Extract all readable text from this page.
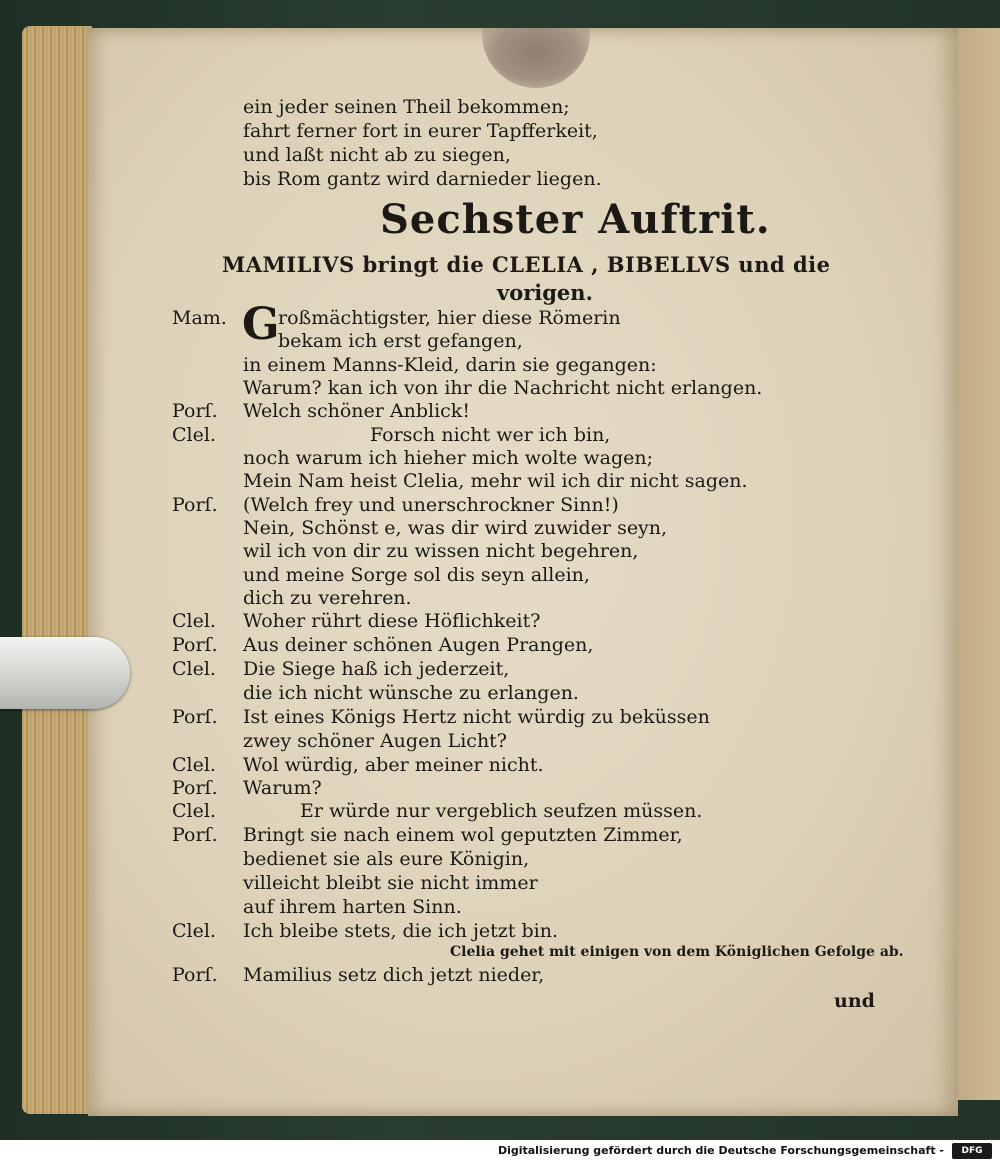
ein jeder seinen Theil bekommen;
fahrt ferner fort in eurer Tapfferkeit,
und laßt nicht ab zu siegen,
bis Rom gantz wird darnieder liegen.
Sechster Auftrit.
MAMILIVS bringt die CLELIA , BIBELLVS und die
vorigen.
Mam.
Porſ.
Clel.
Porſ.
Clel.
Porſ.
Clel.
Porſ.
Clel.
Porſ.
Clel.
Porſ.
Clel.
Porſ.
G
roßmächtigster, hier diese Römerin
bekam ich erst gefangen,
in einem Manns-Kleid, darin sie gegangen:
Warum? kan ich von ihr die Nachricht nicht erlangen.
Welch schöner Anblick!
Forsch nicht wer ich bin,
noch warum ich hieher mich wolte wagen;
Mein Nam heist Clelia, mehr wil ich dir nicht sagen.
(Welch frey und unerschrockner Sinn!)
Nein, Schönst e, was dir wird zuwider seyn,
wil ich von dir zu wissen nicht begehren,
und meine Sorge sol dis seyn allein,
dich zu verehren.
Woher rührt diese Höflichkeit?
Aus deiner schönen Augen Prangen,
Die Siege haß ich jederzeit,
die ich nicht wünsche zu erlangen.
Ist eines Königs Hertz nicht würdig zu beküssen
zwey schöner Augen Licht?
Wol würdig, aber meiner nicht.
Warum?
Er würde nur vergeblich seufzen müssen.
Bringt sie nach einem wol geputzten Zimmer,
bedienet sie als eure Königin,
villeicht bleibt sie nicht immer
auf ihrem harten Sinn.
Ich bleibe stets, die ich jetzt bin.
Clelia gehet mit einigen von dem Königlichen Gefolge ab.
Mamilius setz dich jetzt nieder,
und
Digitalisierung gefördert durch die Deutsche Forschungsgemeinschaft -	DFG
